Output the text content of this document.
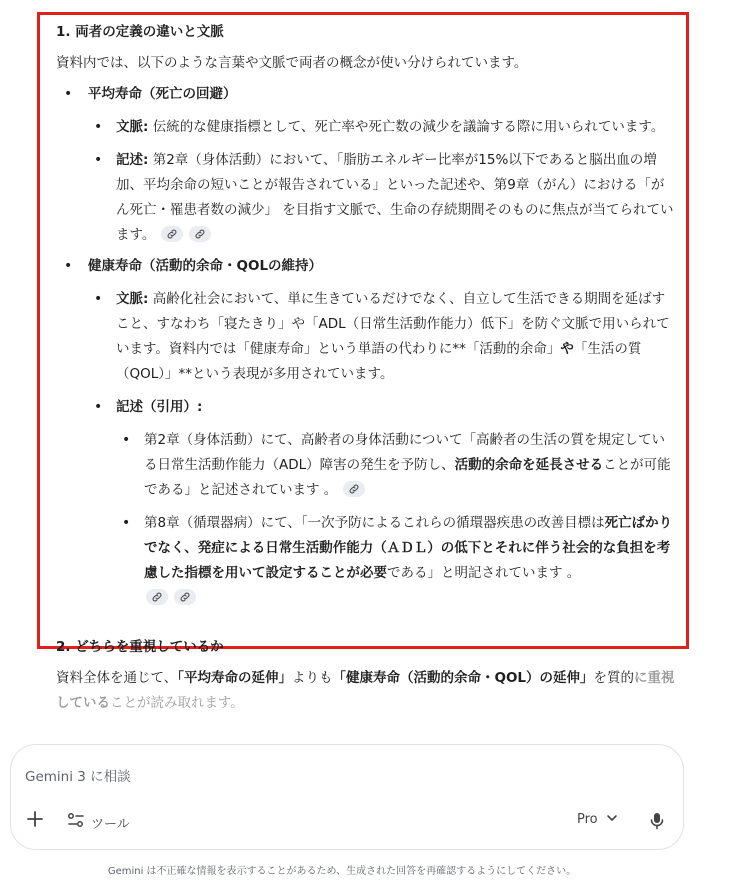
1. 両者の定義の違いと文脈

資料内では、以下のような言葉や文脈で両者の概念が使い分けられています。

• 平均寿命（死亡の回避）
• 文脈: 伝統的な健康指標として、死亡率や死亡数の減少を議論する際に用いられています。
• 記述: 第2章（身体活動）において、「脂肪エネルギー比率が15%以下であると脳出血の増加、平均余命の短いことが報告されている」といった記述や、第9章（がん）における「がん死亡・罹患者数の減少」 を目指す文脈で、生命の存続期間そのものに焦点が当てられています。
• 健康寿命（活動的余命・QOLの維持）
• 文脈: 高齢化社会において、単に生きているだけでなく、自立して生活できる期間を延ばすこと、すなわち「寝たきり」や「ADL（日常生活動作能力）低下」を防ぐ文脈で用いられています。資料内では「健康寿命」という単語の代わりに**「活動的余命」や「生活の質（QOL）」**という表現が多用されています。
• 記述（引用）:
• 第2章（身体活動）にて、高齢者の身体活動について「高齢者の生活の質を規定している日常生活動作能力（ADL）障害の発生を予防し、活動的余命を延長させることが可能である」と記述されています 。
• 第8章（循環器病）にて、「一次予防によるこれらの循環器疾患の改善目標は死亡ばかりでなく、発症による日常生活動作能力（ＡＤＬ）の低下とそれに伴う社会的な負担を考慮した指標を用いて設定することが必要である」と明記されています 。

2. どちらを重視しているか

資料全体を通じて、「平均寿命の延伸」よりも「健康寿命（活動的余命・QOL）の延伸」を質的に重視していることが読み取れます。

Gemini 3 に相談
ツール	Pro
Gemini は不正確な情報を表示することがあるため、生成された回答を再確認するようにしてください。
